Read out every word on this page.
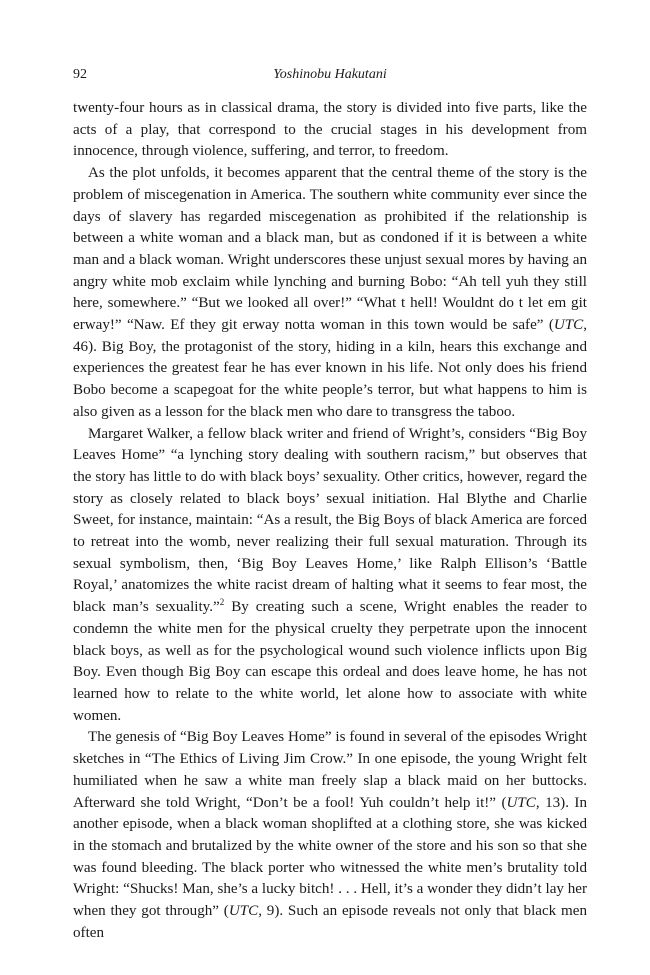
92	Yoshinobu Hakutani

twenty-four hours as in classical drama, the story is divided into five parts, like the acts of a play, that correspond to the crucial stages in his development from innocence, through violence, suffering, and terror, to freedom.

As the plot unfolds, it becomes apparent that the central theme of the story is the problem of miscegenation in America. The southern white community ever since the days of slavery has regarded miscegenation as prohibited if the relationship is between a white woman and a black man, but as condoned if it is between a white man and a black woman. Wright underscores these unjust sexual mores by having an angry white mob exclaim while lynching and burning Bobo: “Ah tell yuh they still here, somewhere.” “But we looked all over!” “What t hell! Wouldnt do t let em git erway!” “Naw. Ef they git erway notta woman in this town would be safe” (UTC, 46). Big Boy, the protagonist of the story, hiding in a kiln, hears this exchange and experiences the greatest fear he has ever known in his life. Not only does his friend Bobo become a scapegoat for the white people’s terror, but what happens to him is also given as a lesson for the black men who dare to transgress the taboo.

Margaret Walker, a fellow black writer and friend of Wright’s, considers “Big Boy Leaves Home” “a lynching story dealing with southern racism,” but observes that the story has little to do with black boys’ sexuality. Other critics, however, regard the story as closely related to black boys’ sexual initiation. Hal Blythe and Charlie Sweet, for instance, maintain: “As a result, the Big Boys of black America are forced to retreat into the womb, never realizing their full sexual maturation. Through its sexual symbolism, then, ‘Big Boy Leaves Home,’ like Ralph Ellison’s ‘Battle Royal,’ anatomizes the white racist dream of halting what it seems to fear most, the black man’s sexuality.”$^2$ By creating such a scene, Wright enables the reader to condemn the white men for the physical cruelty they perpetrate upon the innocent black boys, as well as for the psychological wound such violence inflicts upon Big Boy. Even though Big Boy can escape this ordeal and does leave home, he has not learned how to relate to the white world, let alone how to associate with white women.

The genesis of “Big Boy Leaves Home” is found in several of the episodes Wright sketches in “The Ethics of Living Jim Crow.” In one episode, the young Wright felt humiliated when he saw a white man freely slap a black maid on her buttocks. Afterward she told Wright, “Don’t be a fool! Yuh couldn’t help it!” (UTC, 13). In another episode, when a black woman shoplifted at a clothing store, she was kicked in the stomach and brutalized by the white owner of the store and his son so that she was found bleeding. The black porter who witnessed the white men’s brutality told Wright: “Shucks! Man, she’s a lucky bitch! . . . Hell, it’s a wonder they didn’t lay her when they got through” (UTC, 9). Such an episode reveals not only that black men often
